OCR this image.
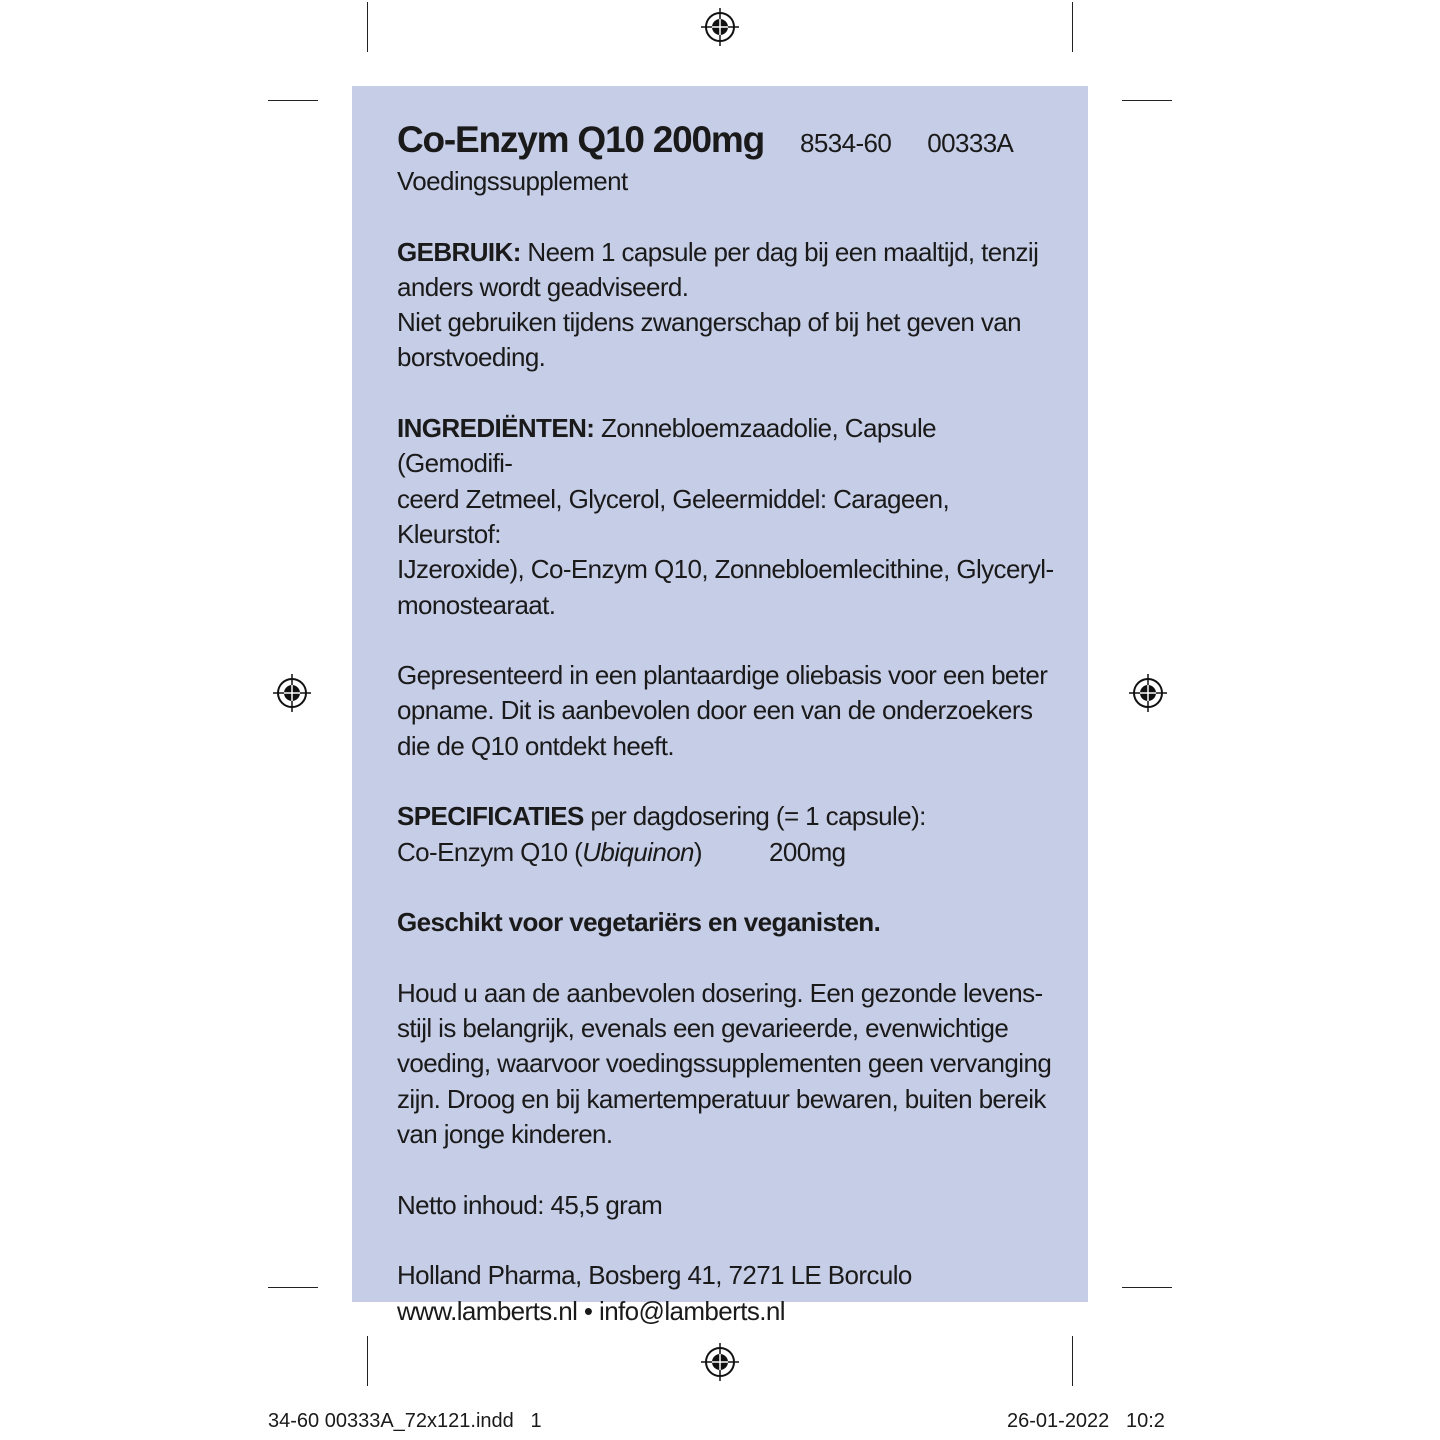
Co-Enzym Q10 200mg 8534-60 00333A

Voedingssupplement

GEBRUIK: Neem 1 capsule per dag bij een maaltijd, tenzij

anders wordt geadviseerd.

Niet gebruiken tijdens zwangerschap of bij het geven van

borstvoeding.

INGREDIËNTEN: Zonnebloemzaadolie, Capsule (Gemodifi-

ceerd Zetmeel, Glycerol, Geleermiddel: Carageen, Kleurstof:

IJzeroxide), Co-Enzym Q10, Zonnebloemlecithine, Glyceryl-

monostearaat.

Gepresenteerd in een plantaardige oliebasis voor een beter

opname. Dit is aanbevolen door een van de onderzoekers

die de Q10 ontdekt heeft.

SPECIFICATIES per dagdosering (= 1 capsule):

Co-Enzym Q10 (Ubiquinon)	200mg

Geschikt voor vegetariërs en veganisten.

Houd u aan de aanbevolen dosering. Een gezonde levens-

stijl is belangrijk, evenals een gevarieerde, evenwichtige

voeding, waarvoor voedingssupplementen geen vervanging

zijn. Droog en bij kamertemperatuur bewaren, buiten bereik

van jonge kinderen.

Netto inhoud: 45,5 gram

Holland Pharma, Bosberg 41, 7271 LE Borculo

www.lamberts.nl • info@lamberts.nl

34-60 00333A_72x121.indd   1	26-01-2022   10:2
